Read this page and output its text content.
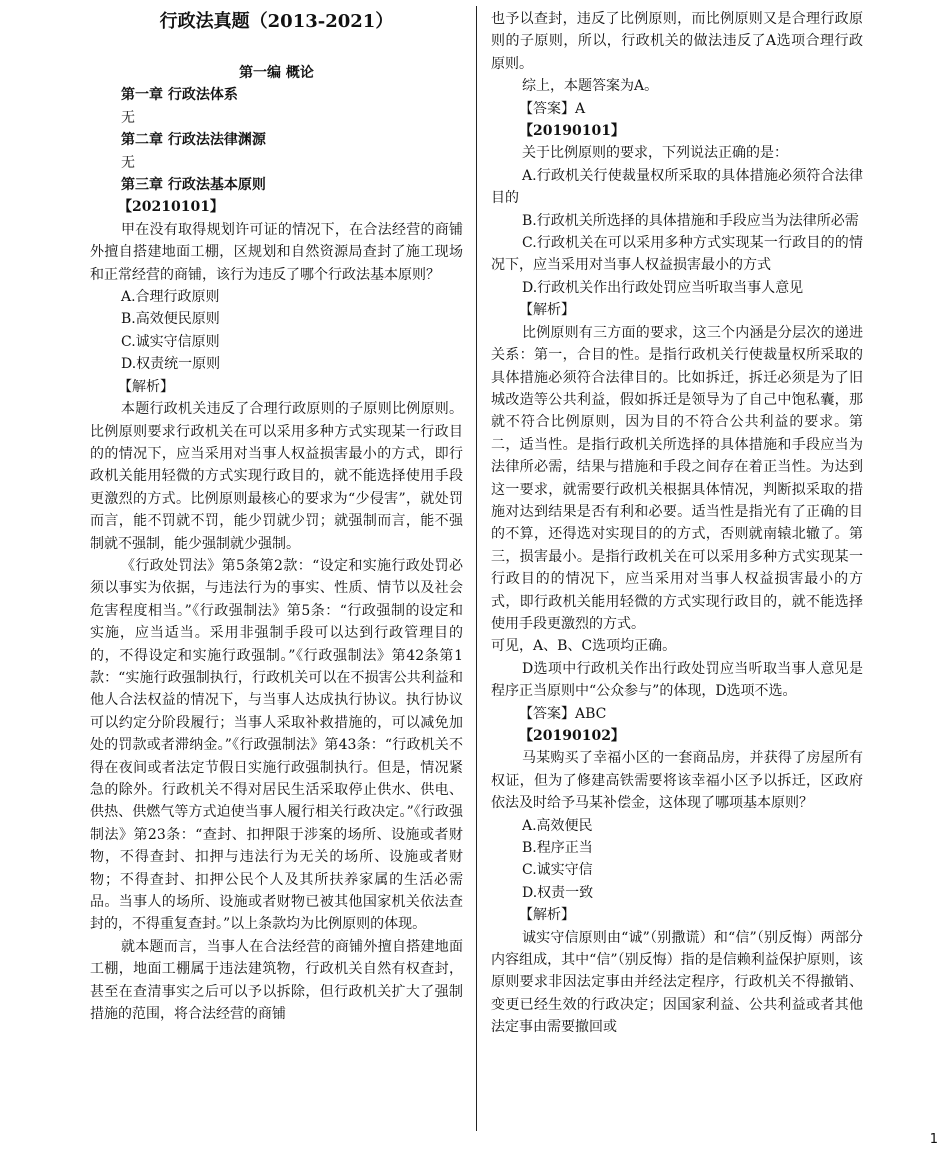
行政法真题（2013-2021）
第一编 概论
第一章 行政法体系
无
第二章 行政法法律渊源
无
第三章 行政法基本原则
【20210101】
甲在没有取得规划许可证的情况下，在合法经营的商铺外擅自搭建地面工棚，区规划和自然资源局查封了施工现场和正常经营的商铺，该行为违反了哪个行政法基本原则？
A.合理行政原则
B.高效便民原则
C.诚实守信原则
D.权责统一原则
【解析】
本题行政机关违反了合理行政原则的子原则比例原则。比例原则要求行政机关在可以采用多种方式实现某一行政目的的情况下，应当采用对当事人权益损害最小的方式，即行政机关能用轻微的方式实现行政目的，就不能选择使用手段更激烈的方式。比例原则最核心的要求为“少侵害”，就处罚而言，能不罚就不罚，能少罚就少罚；就强制而言，能不强制就不强制，能少强制就少强制。
《行政处罚法》第5条第2款：“设定和实施行政处罚必须以事实为依据，与违法行为的事实、性质、情节以及社会危害程度相当。”《行政强制法》第5条：“行政强制的设定和实施，应当适当。采用非强制手段可以达到行政管理目的的，不得设定和实施行政强制。”《行政强制法》第42条第1款：“实施行政强制执行，行政机关可以在不损害公共利益和他人合法权益的情况下，与当事人达成执行协议。执行协议可以约定分阶段履行；当事人采取补救措施的，可以减免加处的罚款或者滞纳金。”《行政强制法》第43条：“行政机关不得在夜间或者法定节假日实施行政强制执行。但是，情况紧急的除外。行政机关不得对居民生活采取停止供水、供电、供热、供燃气等方式迫使当事人履行相关行政决定。”《行政强制法》第23条：“查封、扣押限于涉案的场所、设施或者财物，不得查封、扣押与违法行为无关的场所、设施或者财物；不得查封、扣押公民个人及其所扶养家属的生活必需品。当事人的场所、设施或者财物已被其他国家机关依法查封的，不得重复查封。”以上条款均为比例原则的体现。
就本题而言，当事人在合法经营的商铺外擅自搭建地面工棚，地面工棚属于违法建筑物，行政机关自然有权查封，甚至在查清事实之后可以予以拆除，但行政机关扩大了强制措施的范围，将合法经营的商铺
也予以查封，违反了比例原则，而比例原则又是合理行政原则的子原则，所以，行政机关的做法违反了A选项合理行政原则。
综上，本题答案为A。
【答案】A
【20190101】
关于比例原则的要求，下列说法正确的是：
A.行政机关行使裁量权所采取的具体措施必须符合法律目的
B.行政机关所选择的具体措施和手段应当为法律所必需
C.行政机关在可以采用多种方式实现某一行政目的的情况下，应当采用对当事人权益损害最小的方式
D.行政机关作出行政处罚应当听取当事人意见
【解析】
比例原则有三方面的要求，这三个内涵是分层次的递进关系：第一，合目的性。是指行政机关行使裁量权所采取的具体措施必须符合法律目的。比如拆迁，拆迁必须是为了旧城改造等公共利益，假如拆迁是领导为了自己中饱私囊，那就不符合比例原则，因为目的不符合公共利益的要求。第二，适当性。是指行政机关所选择的具体措施和手段应当为法律所必需，结果与措施和手段之间存在着正当性。为达到这一要求，就需要行政机关根据具体情况，判断拟采取的措施对达到结果是否有利和必要。适当性是指光有了正确的目的不算，还得选对实现目的的方式，否则就南辕北辙了。第三，损害最小。是指行政机关在可以采用多种方式实现某一行政目的的情况下，应当采用对当事人权益损害最小的方式，即行政机关能用轻微的方式实现行政目的，就不能选择使用手段更激烈的方式。
可见，A、B、C选项均正确。
D选项中行政机关作出行政处罚应当听取当事人意见是程序正当原则中“公众参与”的体现，D选项不选。
【答案】ABC
【20190102】
马某购买了幸福小区的一套商品房，并获得了房屋所有权证，但为了修建高铁需要将该幸福小区予以拆迁，区政府依法及时给予马某补偿金，这体现了哪项基本原则？
A.高效便民
B.程序正当
C.诚实守信
D.权责一致
【解析】
诚实守信原则由“诚”（别撒谎）和“信”（别反悔）两部分内容组成，其中“信”（别反悔）指的是信赖利益保护原则，该原则要求非因法定事由并经法定程序，行政机关不得撤销、变更已经生效的行政决定；因国家利益、公共利益或者其他法定事由需要撤回或
1
